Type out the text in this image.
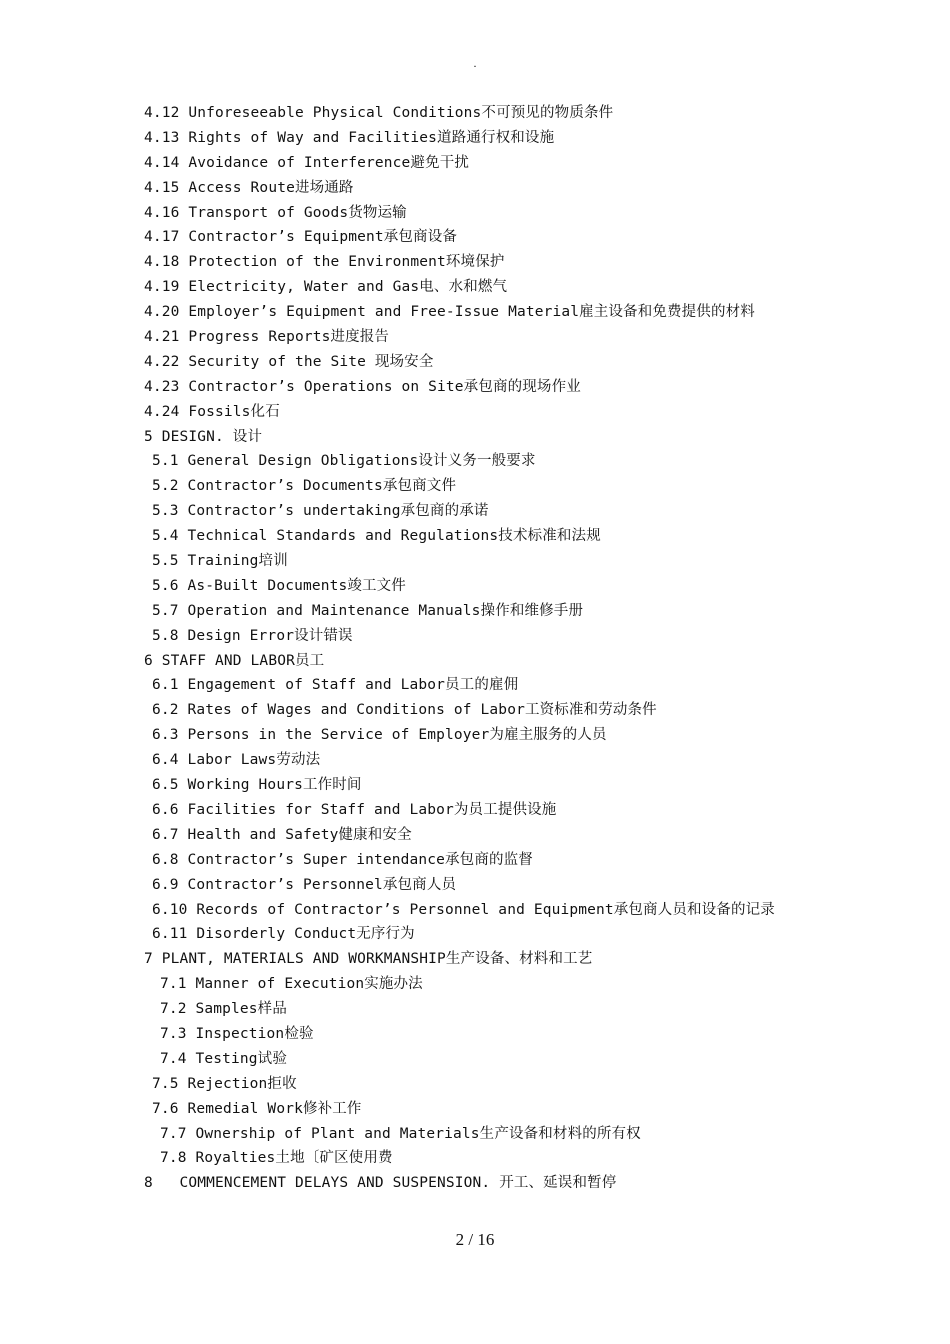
.
4.12 Unforeseeable Physical Conditions不可预见的物质条件
4.13 Rights of Way and Facilities道路通行权和设施
4.14 Avoidance of Interference避免干扰
4.15 Access Route进场通路
4.16 Transport of Goods货物运输
4.17 Contractor’s Equipment承包商设备
4.18 Protection of the Environment环境保护
4.19 Electricity, Water and Gas电、水和燃气
4.20 Employer’s Equipment and Free-Issue Material雇主设备和免费提供的材料
4.21 Progress Reports进度报告
4.22 Security of the Site 现场安全
4.23 Contractor’s Operations on Site承包商的现场作业
4.24 Fossils化石
5 DESIGN. 设计
5.1 General Design Obligations设计义务一般要求
5.2 Contractor’s Documents承包商文件
5.3 Contractor’s undertaking承包商的承诺
5.4 Technical Standards and Regulations技术标准和法规
5.5 Training培训
5.6 As-Built Documents竣工文件
5.7 Operation and Maintenance Manuals操作和维修手册
5.8 Design Error设计错误
6 STAFF AND LABOR员工
6.1 Engagement of Staff and Labor员工的雇佣
6.2 Rates of Wages and Conditions of Labor工资标准和劳动条件
6.3 Persons in the Service of Employer为雇主服务的人员
6.4 Labor Laws劳动法
6.5 Working Hours工作时间
6.6 Facilities for Staff and Labor为员工提供设施
6.7 Health and Safety健康和安全
6.8 Contractor’s Super intendance承包商的监督
6.9 Contractor’s Personnel承包商人员
6.10 Records of Contractor’s Personnel and Equipment承包商人员和设备的记录
6.11 Disorderly Conduct无序行为
7 PLANT, MATERIALS AND WORKMANSHIP生产设备、材料和工艺
7.1 Manner of Execution实施办法
7.2 Samples样品
7.3 Inspection检验
7.4 Testing试验
7.5 Rejection拒收
7.6 Remedial Work修补工作
7.7 Ownership of Plant and Materials生产设备和材料的所有权
7.8 Royalties土地〔矿区使用费
8   COMMENCEMENT DELAYS AND SUSPENSION. 开工、延误和暂停
2 / 16
